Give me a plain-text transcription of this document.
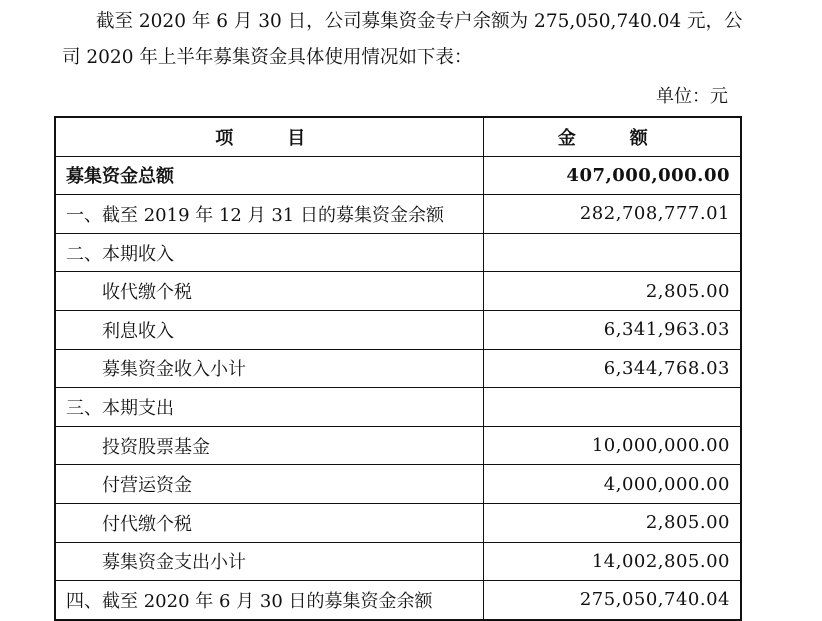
截至 2020 年 6 月 30 日，公司募集资金专户余额为 275,050,740.04 元，公
司 2020 年上半年募集资金具体使用情况如下表：
单位：元
项　目	金　额
募集资金总额	407,000,000.00
一、截至 2019 年 12 月 31 日的募集资金余额	282,708,777.01
二、本期收入	
收代缴个税	2,805.00
利息收入	6,341,963.03
募集资金收入小计	6,344,768.03
三、本期支出	
投资股票基金	10,000,000.00
付营运资金	4,000,000.00
付代缴个税	2,805.00
募集资金支出小计	14,002,805.00
四、截至 2020 年 6 月 30 日的募集资金余额	275,050,740.04
